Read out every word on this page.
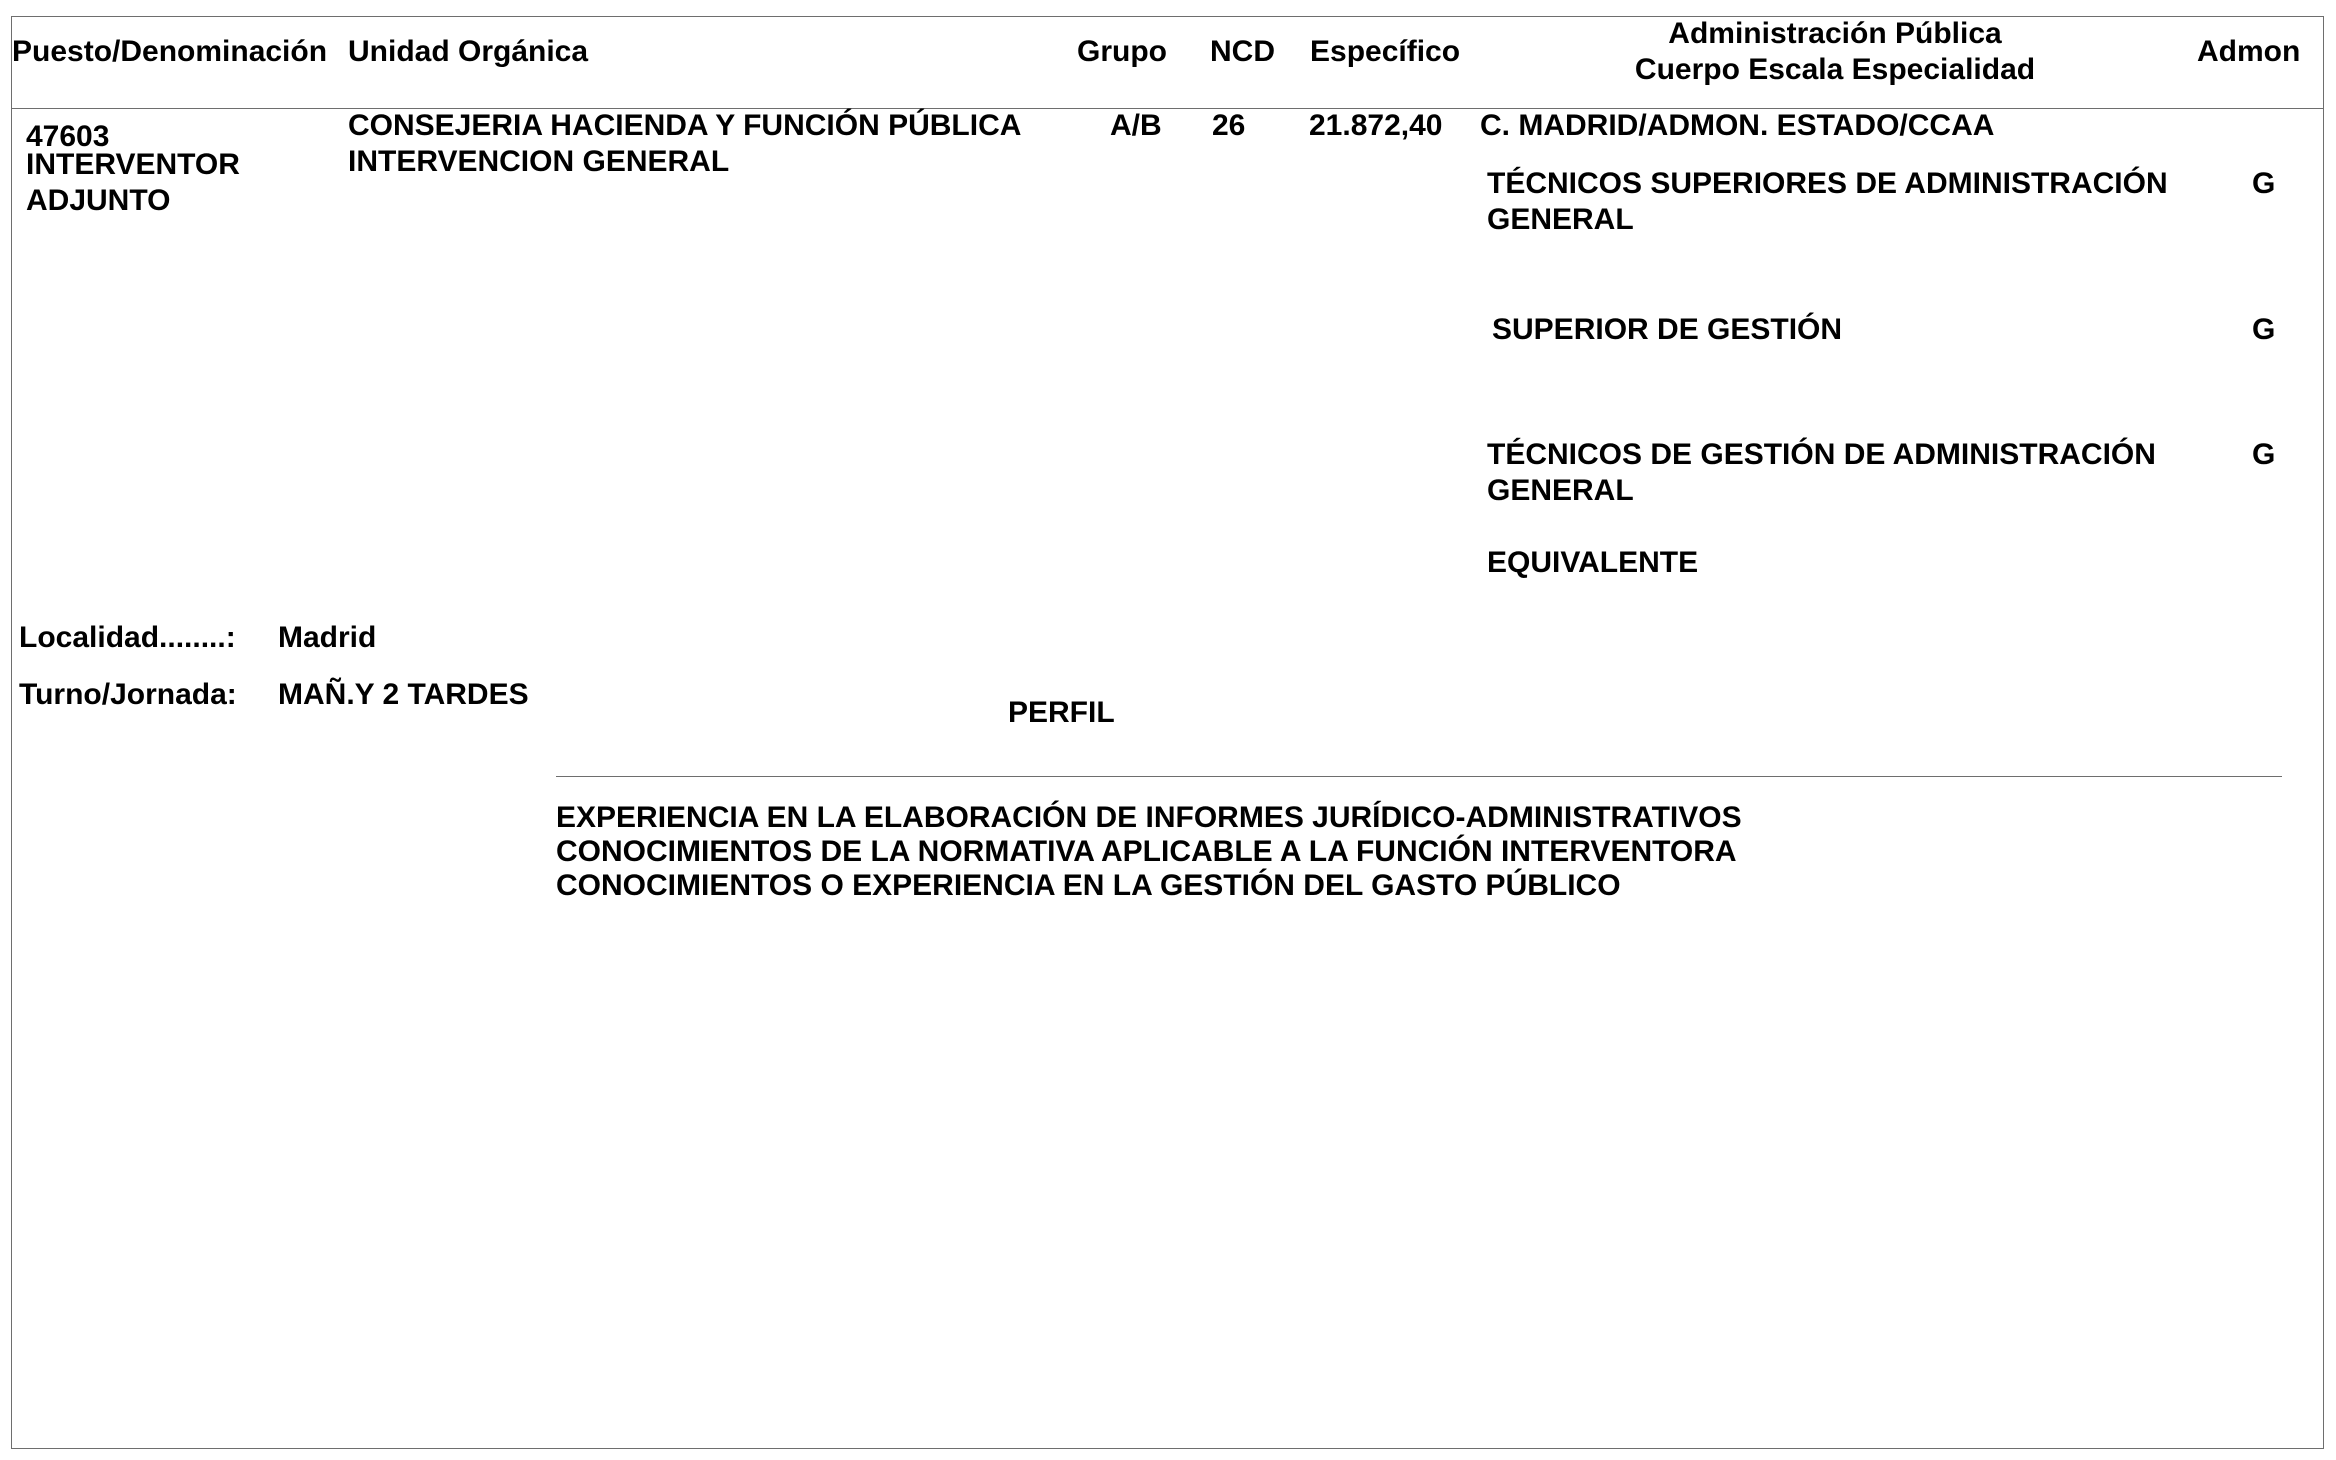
Puesto/Denominación Unidad Orgánica	Grupo NCD Específico
Administración Pública
Cuerpo Escala Especialidad
Admon
47603
INTERVENTOR
ADJUNTO
CONSEJERIA HACIENDA Y FUNCIÓN PÚBLICA
INTERVENCION GENERAL
A/B 26 21.872,40 C. MADRID/ADMON. ESTADO/CCAA
TÉCNICOS SUPERIORES DE ADMINISTRACIÓN
GENERAL
G
SUPERIOR DE GESTIÓN	G
TÉCNICOS DE GESTIÓN DE ADMINISTRACIÓN
GENERAL
G
EQUIVALENTE
Localidad........: Madrid
Turno/Jornada: MAÑ.Y 2 TARDES
PERFIL
EXPERIENCIA EN LA ELABORACIÓN DE INFORMES JURÍDICO-ADMINISTRATIVOS
CONOCIMIENTOS DE LA NORMATIVA APLICABLE A LA FUNCIÓN INTERVENTORA
CONOCIMIENTOS O EXPERIENCIA EN LA GESTIÓN DEL GASTO PÚBLICO
